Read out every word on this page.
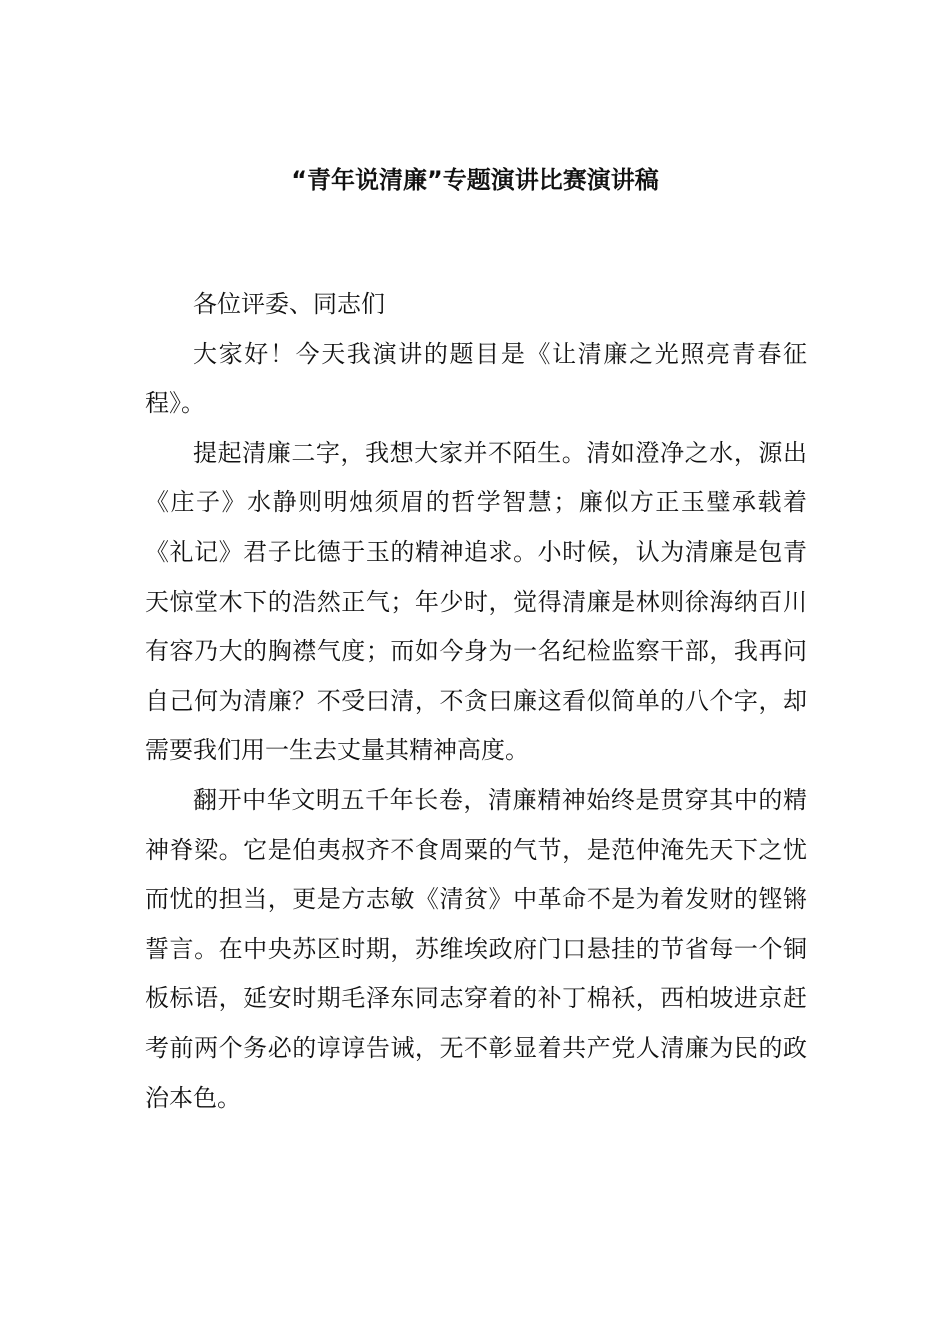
“青年说清廉”专题演讲比赛演讲稿

各位评委、同志们

大家好！今天我演讲的题目是《让清廉之光照亮青春征程》。

提起清廉二字，我想大家并不陌生。清如澄净之水，源出《庄子》水静则明烛须眉的哲学智慧；廉似方正玉璧承载着《礼记》君子比德于玉的精神追求。小时候，认为清廉是包青天惊堂木下的浩然正气；年少时，觉得清廉是林则徐海纳百川有容乃大的胸襟气度；而如今身为一名纪检监察干部，我再问自己何为清廉？不受曰清，不贪曰廉这看似简单的八个字，却需要我们用一生去丈量其精神高度。

翻开中华文明五千年长卷，清廉精神始终是贯穿其中的精神脊梁。它是伯夷叔齐不食周粟的气节，是范仲淹先天下之忧而忧的担当，更是方志敏《清贫》中革命不是为着发财的铿锵誓言。在中央苏区时期，苏维埃政府门口悬挂的节省每一个铜板标语，延安时期毛泽东同志穿着的补丁棉袄，西柏坡进京赶考前两个务必的谆谆告诫，无不彰显着共产党人清廉为民的政治本色。
